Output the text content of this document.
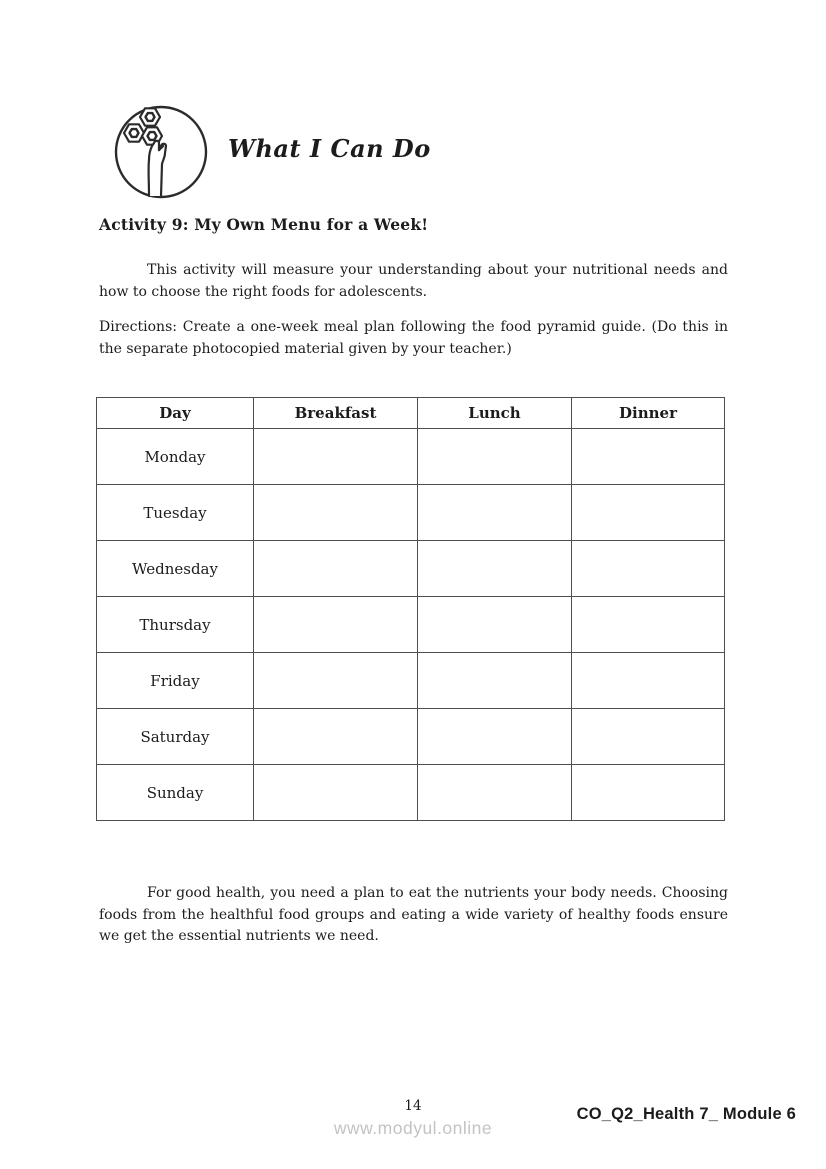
What I Can Do
Activity 9: My Own Menu for a Week!

This activity will measure your understanding about your nutritional needs and how to choose the right foods for adolescents.

Directions: Create a one-week meal plan following the food pyramid guide. (Do this in the separate photocopied material given by your teacher.)

Day	Breakfast	Lunch	Dinner
Monday			
Tuesday			
Wednesday			
Thursday			
Friday			
Saturday			
Sunday			

For good health, you need a plan to eat the nutrients your body needs. Choosing foods from the healthful food groups and eating a wide variety of healthy foods ensure we get the essential nutrients we need.

14
www.modyul.online
CO_Q2_Health 7_ Module 6
